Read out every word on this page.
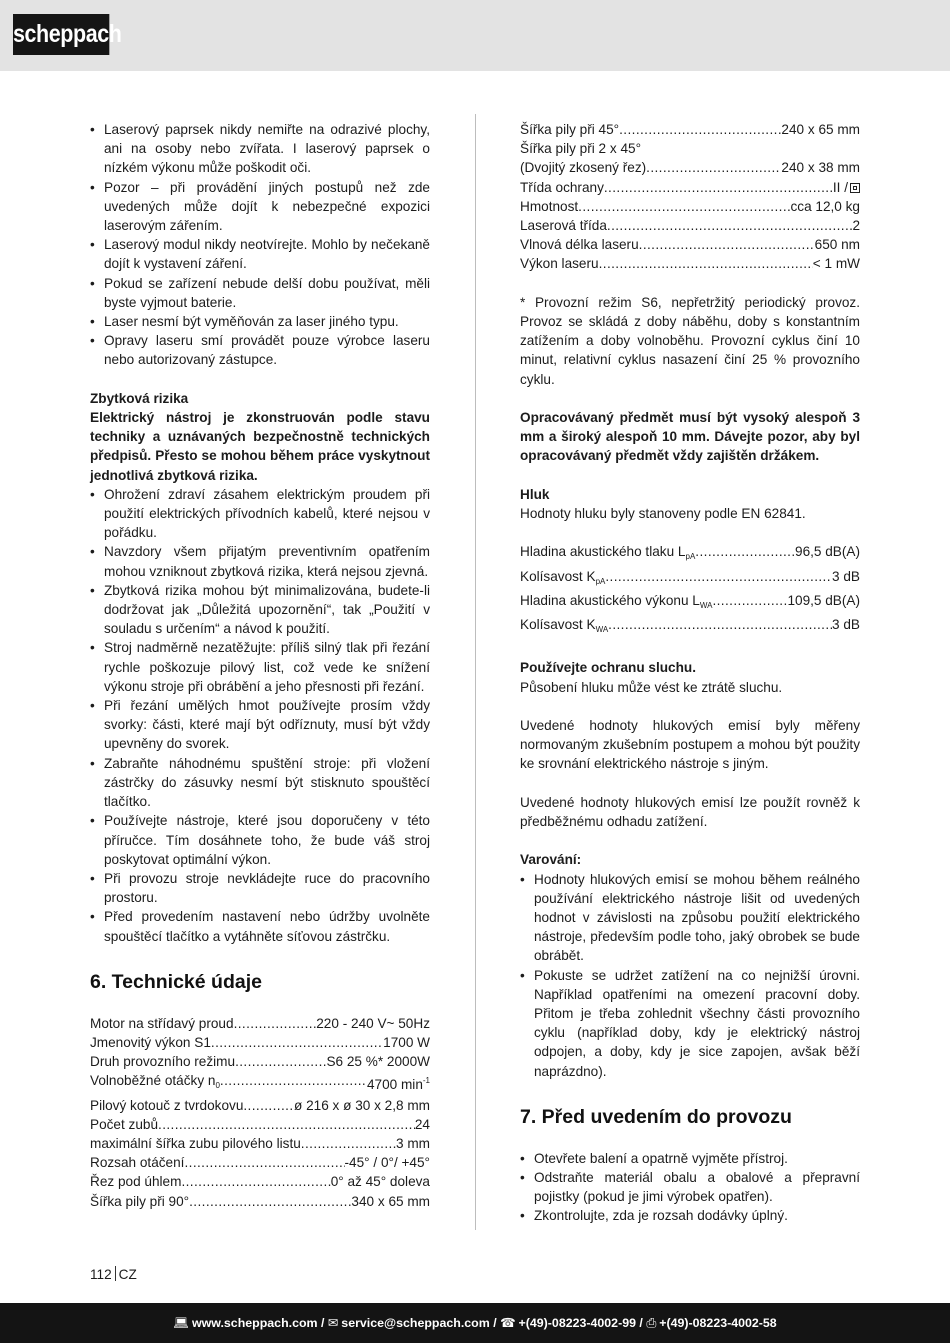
scheppach
• Laserový paprsek nikdy nemiřte na odrazivé plochy, ani na osoby nebo zvířata. I laserový paprsek o nízkém výkonu může poškodit oči.
• Pozor – při provádění jiných postupů než zde uvedených může dojít k nebezpečné expozici laserovým zářením.
• Laserový modul nikdy neotvírejte. Mohlo by nečekaně dojít k vystavení záření.
• Pokud se zařízení nebude delší dobu používat, měli byste vyjmout baterie.
• Laser nesmí být vyměňován za laser jiného typu.
• Opravy laseru smí provádět pouze výrobce laseru nebo autorizovaný zástupce.
Zbytková rizika
Elektrický nástroj je zkonstruován podle stavu techniky a uznávaných bezpečnostně technických předpisů. Přesto se mohou během práce vyskytnout jednotlivá zbytková rizika.
• Ohrožení zdraví zásahem elektrickým proudem při použití elektrických přívodních kabelů, které nejsou v pořádku.
• Navzdory všem přijatým preventivním opatřením mohou vzniknout zbytková rizika, která nejsou zjevná.
• Zbytková rizika mohou být minimalizována, budete-li dodržovat jak „Důležitá upozornění“, tak „Použití v souladu s určením“ a návod k použití.
• Stroj nadměrně nezatěžujte: příliš silný tlak při řezání rychle poškozuje pilový list, což vede ke snížení výkonu stroje při obrábění a jeho přesnosti při řezání.
• Při řezání umělých hmot používejte prosím vždy svorky: části, které mají být odříznuty, musí být vždy upevněny do svorek.
• Zabraňte náhodnému spuštění stroje: při vložení zástrčky do zásuvky nesmí být stisknuto spouštěcí tlačítko.
• Používejte nástroje, které jsou doporučeny v této příručce. Tím dosáhnete toho, že bude váš stroj poskytovat optimální výkon.
• Při provozu stroje nevkládejte ruce do pracovního prostoru.
• Před provedením nastavení nebo údržby uvolněte spouštěcí tlačítko a vytáhněte síťovou zástrčku.
6. Technické údaje
Motor na střídavý proud .....	220 - 240 V~ 50Hz
Jmenovitý výkon S1 .....	1700 W
Druh provozního režimu .....	S6 25 %* 2000W
Volnoběžné otáčky $n_0$ .....	4700 $\min^{-1}$
Pilový kotouč z tvrdokovu .....	ø 216 x ø 30 x 2,8 mm
Počet zubů .....	24
maximální šířka zubu pilového listu .....	3 mm
Rozsah otáčení .....	-45° / 0°/ +45°
Řez pod úhlem .....	0° až 45° doleva
Šířka pily při 90° .....	340 x 65 mm
Šířka pily při 45° .....	240 x 65 mm
Šířka pily při 2 x 45°
(Dvojitý zkosený řez) .....	240 x 38 mm
Třída ochrany .....	II /
Hmotnost .....	cca 12,0 kg
Laserová třída .....	2
Vlnová délka laseru .....	650 nm
Výkon laseru .....	< 1 mW
* Provozní režim S6, nepřetržitý periodický provoz. Provoz se skládá z doby náběhu, doby s konstantním zatížením a doby volnoběhu. Provozní cyklus činí 10 minut, relativní cyklus nasazení činí 25 % provozního cyklu.
Opracovávaný předmět musí být vysoký alespoň 3 mm a široký alespoň 10 mm. Dávejte pozor, aby byl opracovávaný předmět vždy zajištěn držákem.
Hluk
Hodnoty hluku byly stanoveny podle EN 62841.
Hladina akustického tlaku $L_{pA}$ .....	96,5 dB(A)
Kolísavost $K_{pA}$ .....	3 dB
Hladina akustického výkonu $L_{WA}$ .....	109,5 dB(A)
Kolísavost $K_{WA}$ .....	3 dB
Používejte ochranu sluchu.
Působení hluku může vést ke ztrátě sluchu.
Uvedené hodnoty hlukových emisí byly měřeny normovaným zkušebním postupem a mohou být použity ke srovnání elektrického nástroje s jiným.
Uvedené hodnoty hlukových emisí lze použít rovněž k předběžnému odhadu zatížení.
Varování:
• Hodnoty hlukových emisí se mohou během reálného používání elektrického nástroje lišit od uvedených hodnot v závislosti na způsobu použití elektrického nástroje, především podle toho, jaký obrobek se bude obrábět.
• Pokuste se udržet zatížení na co nejnižší úrovni. Například opatřeními na omezení pracovní doby. Přitom je třeba zohlednit všechny části provozního cyklu (například doby, kdy je elektrický nástroj odpojen, a doby, kdy je sice zapojen, avšak běží naprázdno).
7. Před uvedením do provozu
• Otevřete balení a opatrně vyjměte přístroj.
• Odstraňte materiál obalu a obalové a přepravní pojistky (pokud je jimi výrobek opatřen).
• Zkontrolujte, zda je rozsah dodávky úplný.
112 CZ
💻︎ www.scheppach.com / ✉︎ service@scheppach.com / ☎︎ +(49)-08223-4002-99 / ⎙︎ +(49)-08223-4002-58
